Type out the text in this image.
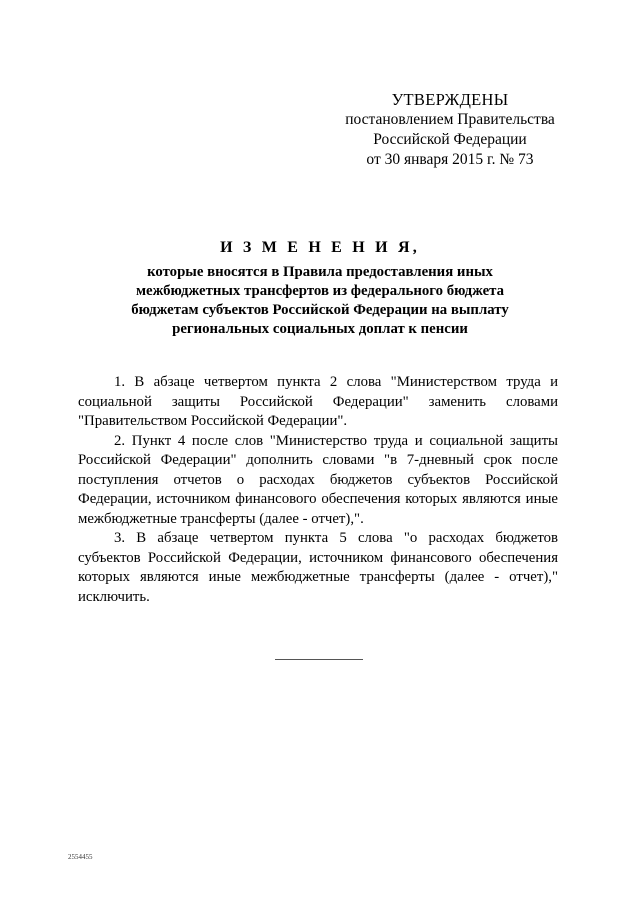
УТВЕРЖДЕНЫ
постановлением Правительства
Российской Федерации
от 30 января 2015 г. № 73
И З М Е Н Е Н И Я,
которые вносятся в Правила предоставления иных
межбюджетных трансфертов из федерального бюджета
бюджетам субъектов Российской Федерации на выплату
региональных социальных доплат к пенсии
1. В абзаце четвертом пункта 2 слова "Министерством труда и
социальной защиты Российской Федерации" заменить словами
"Правительством Российской Федерации".
2. Пункт 4 после слов "Министерство труда и социальной защиты
Российской Федерации" дополнить словами "в 7-дневный срок после
поступления отчетов о расходах бюджетов субъектов Российской
Федерации, источником финансового обеспечения которых являются иные
межбюджетные трансферты (далее - отчет),".
3. В абзаце четвертом пункта 5 слова "о расходах бюджетов
субъектов Российской Федерации, источником финансового обеспечения
которых являются иные межбюджетные трансферты (далее - отчет),"
исключить.
2554455
